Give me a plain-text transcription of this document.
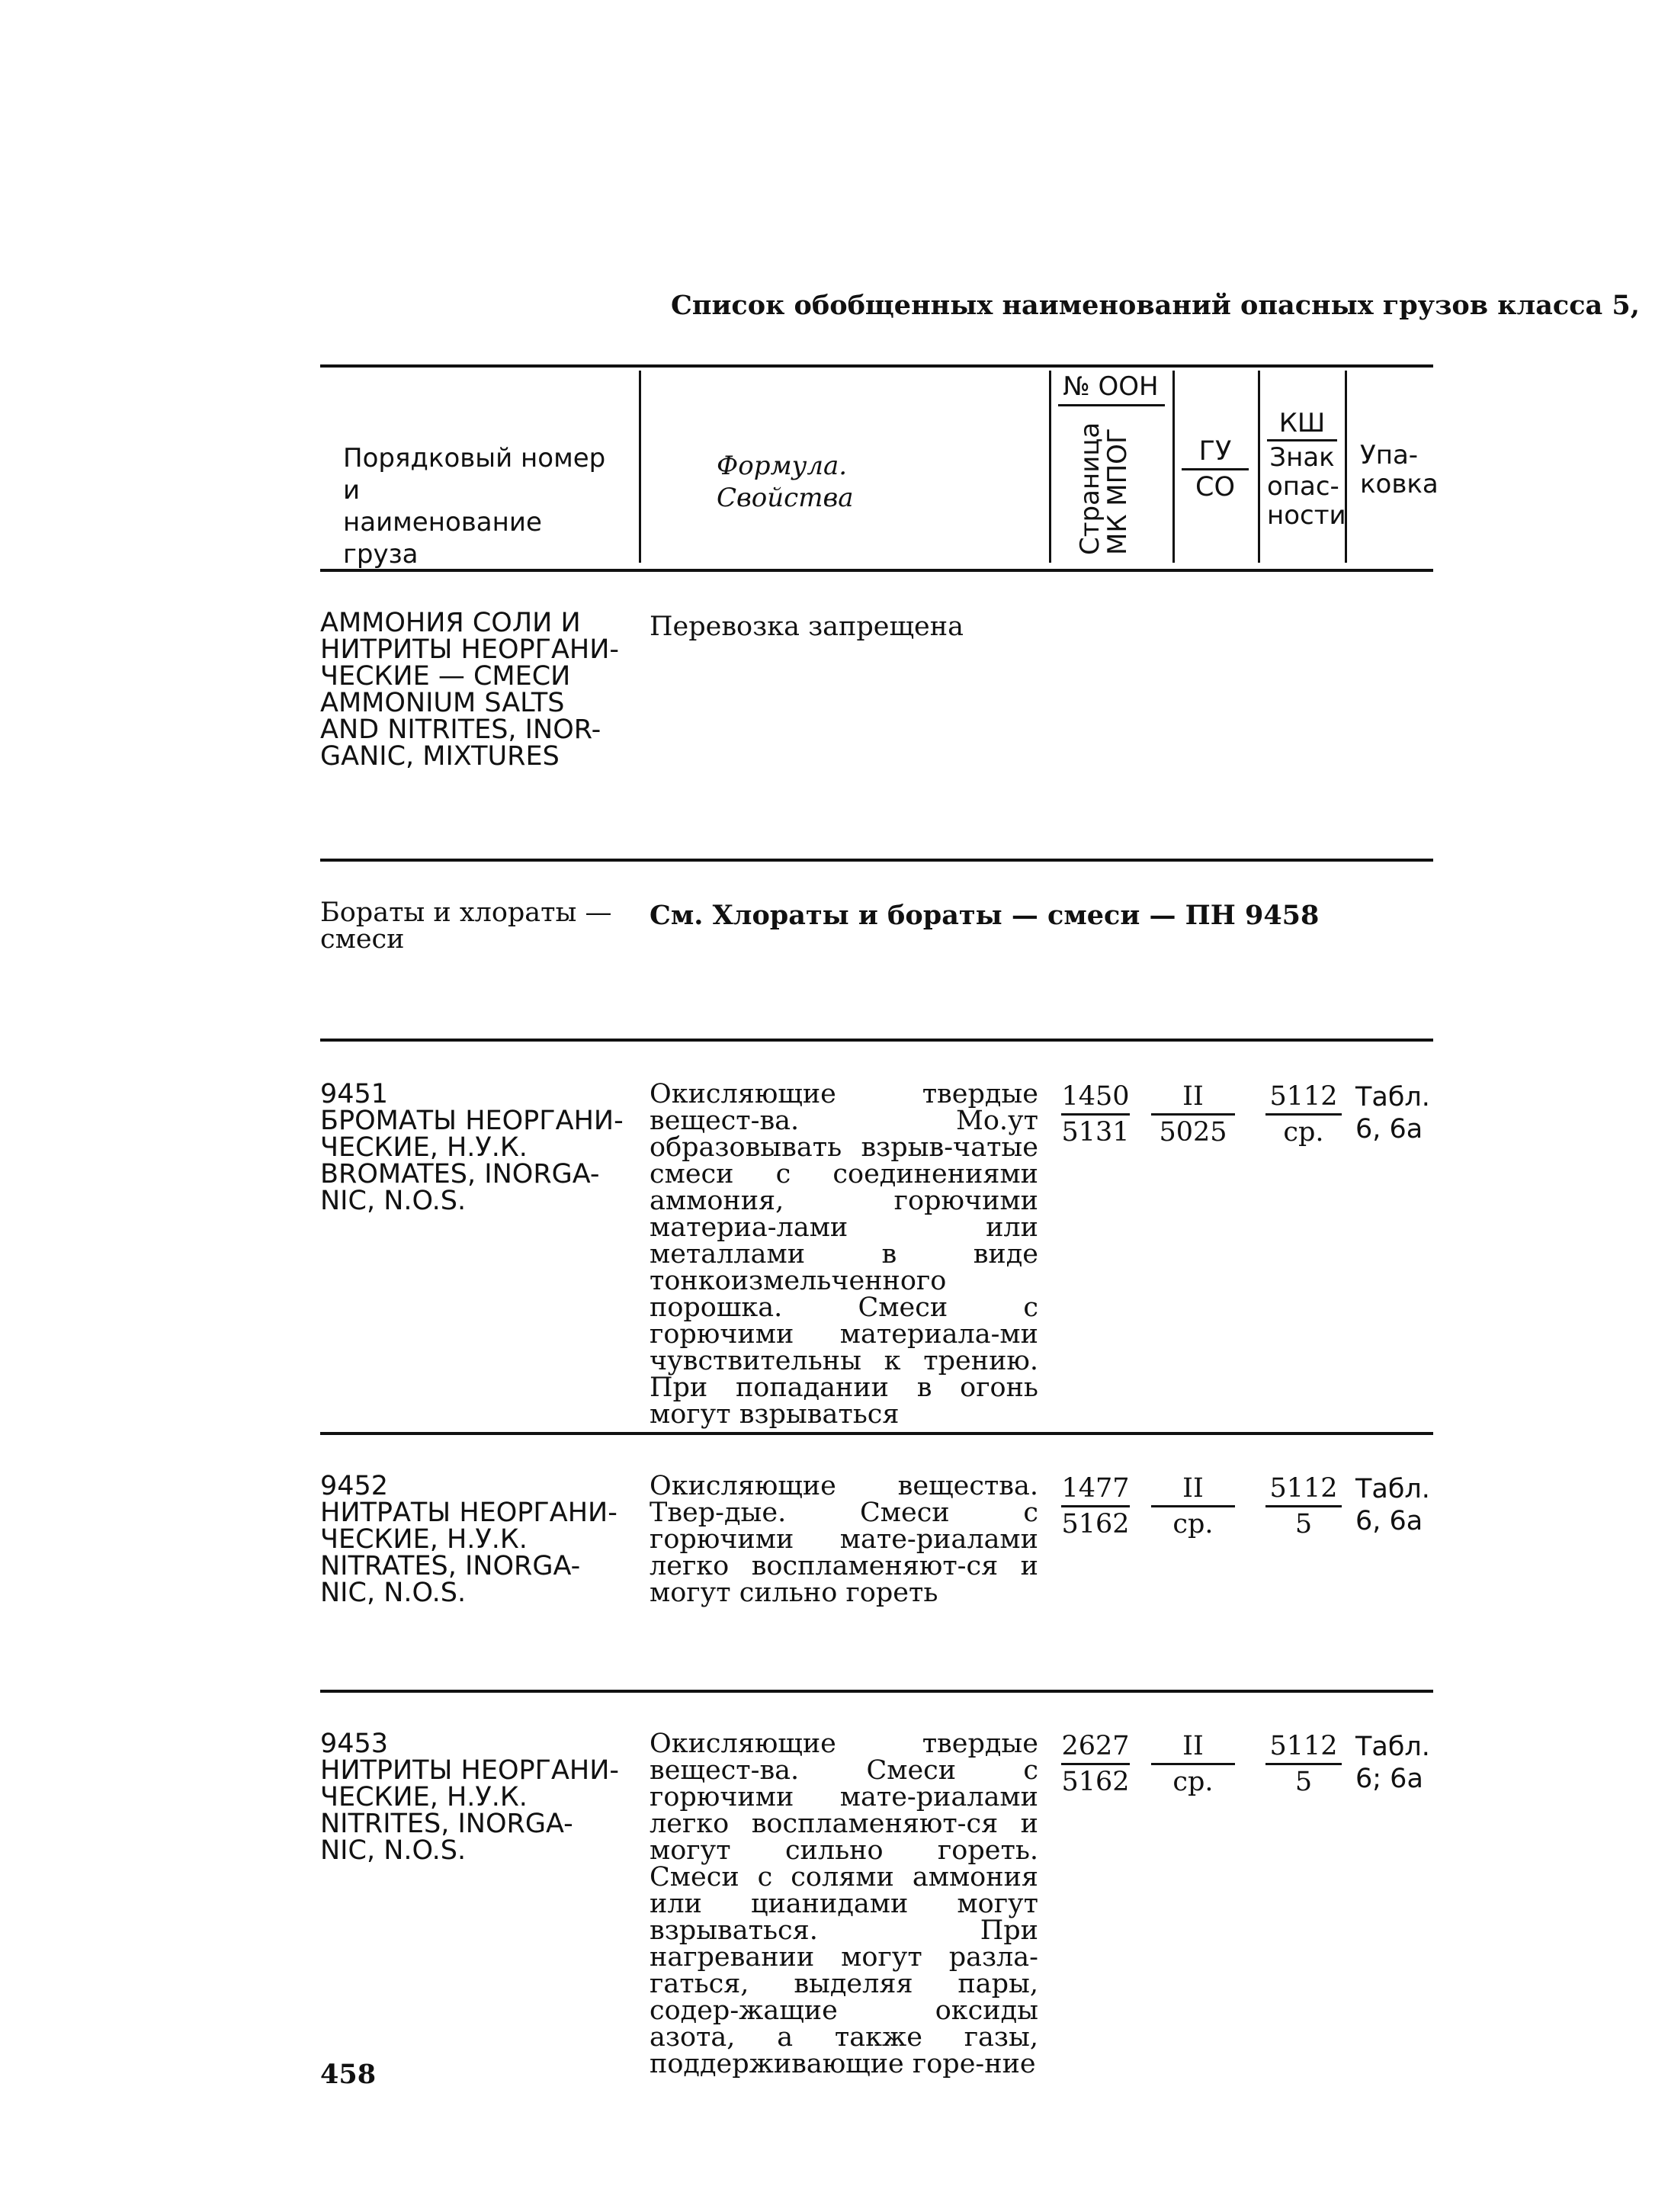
Список обобщенных наименований опасных грузов класса 5,
Порядковый номер и
наименование груза
Формула. Свойства
№ ООН
Страница
МК МПОГ	ГУ
СО
КШ
Знак
опас-
ности
Упа-
ковка
АММОНИЯ СОЛИ И
НИТРИТЫ НЕОРГАНИ-
ЧЕСКИЕ — СМЕСИ
AMMONIUM SALTS
AND NITRITES, INOR-
GANIC, MIXTURES
Перевозка запрещена
Бораты и хлораты —
смеси
См. Хлораты и бораты — смеси — ПН 9458
9451
БРОМАТЫ НЕОРГАНИ-
ЧЕСКИЕ, Н.У.К.
BROMATES, INORGA-
NIC, N.O.S.
Окисляющие твердые вещест-ва. Мо.ут образовывать взрыв-чатые смеси с соединениями аммония, горючими материа-лами или металлами в виде тонкоизмельченного порошка. Смеси с горючими материала-ми чувствительны к трению. При попадании в огонь могут взрываться
1450
5131
II
5025
5112
ср.
Табл.
6, 6а
9452
НИТРАТЫ НЕОРГАНИ-
ЧЕСКИЕ, Н.У.К.
NITRATES, INORGA-
NIC, N.O.S.
Окисляющие вещества. Твер-дые. Смеси с горючими мате-риалами легко воспламеняют-ся и могут сильно гореть
1477
5162
II
ср.
5112
5
Табл.
6, 6а
9453
НИТРИТЫ НЕОРГАНИ-
ЧЕСКИЕ, Н.У.К.
NITRITES, INORGA-
NIC, N.O.S.
Окисляющие твердые вещест-ва. Смеси с горючими мате-риалами легко воспламеняют-ся и могут сильно гореть. Смеси с солями аммония или цианидами могут взрываться. При нагревании могут разла-гаться, выделяя пары, содер-жащие оксиды азота, а также газы, поддерживающие горе-ние
2627
5162
II
ср.
5112
5
Табл.
6; 6а
458
